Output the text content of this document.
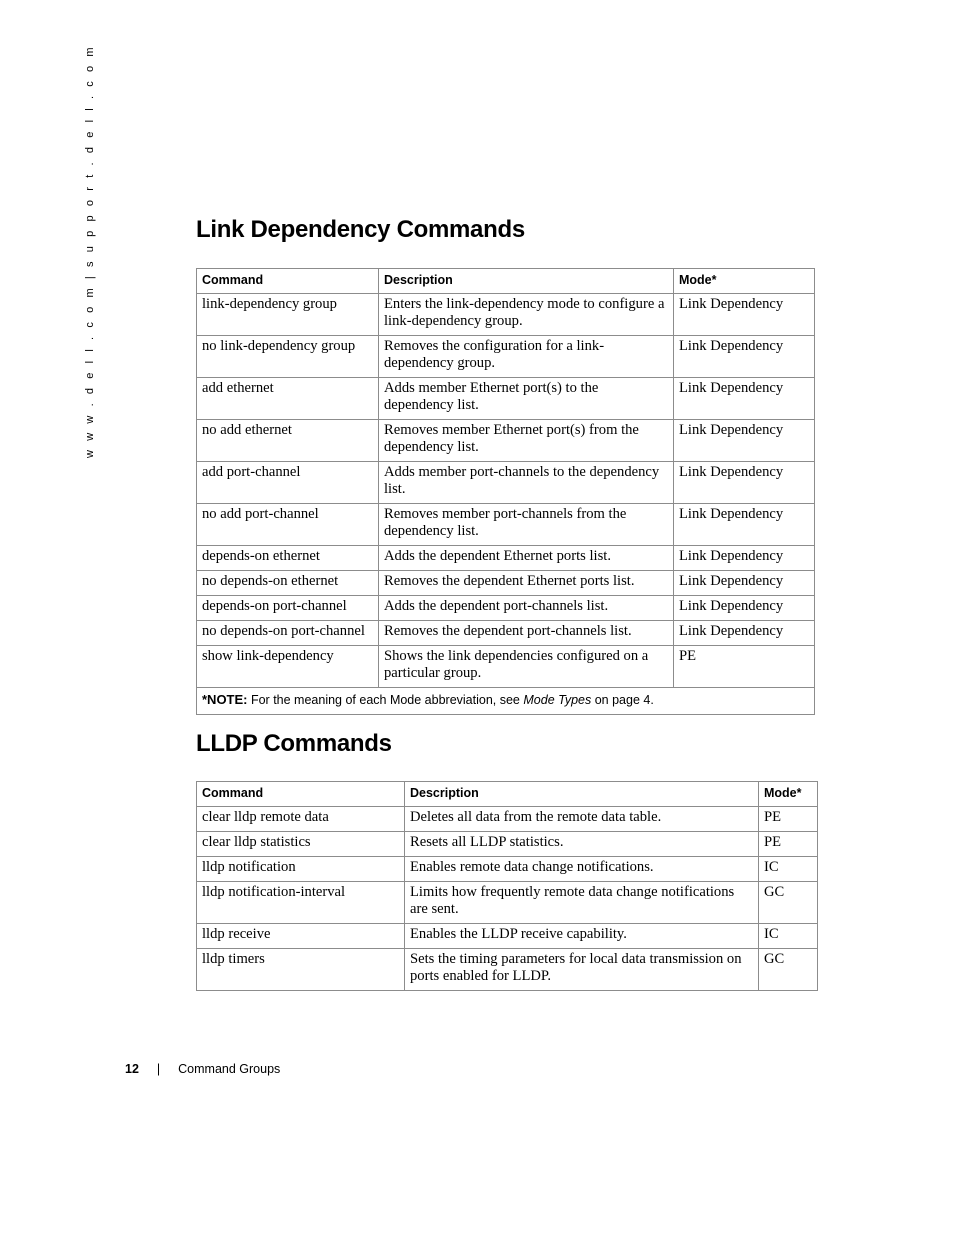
w w w . d e l l . c o m | s u p p o r t . d e l l . c o m	Link Dependency Commands
Command	Description	Mode*
link-dependency group	Enters the link-dependency mode to configure a link-dependency group.	Link Dependency
no link-dependency group	Removes the configuration for a link-dependency group.	Link Dependency
add ethernet	Adds member Ethernet port(s) to the dependency list.	Link Dependency
no add ethernet	Removes member Ethernet port(s) from the dependency list.	Link Dependency
add port-channel	Adds member port-channels to the dependency list.	Link Dependency
no add port-channel	Removes member port-channels from the dependency list.	Link Dependency
depends-on ethernet	Adds the dependent Ethernet ports list.	Link Dependency
no depends-on ethernet	Removes the dependent Ethernet ports list.	Link Dependency
depends-on port-channel	Adds the dependent port-channels list.	Link Dependency
no depends-on port-channel	Removes the dependent port-channels list.	Link Dependency
show link-dependency	Shows the link dependencies configured on a particular group.	PE
*NOTE: For the meaning of each Mode abbreviation, see Mode Types on page 4.		
LLDP Commands
Command	Description	Mode*
clear lldp remote data	Deletes all data from the remote data table.	PE
clear lldp statistics	Resets all LLDP statistics.	PE
lldp notification	Enables remote data change notifications.	IC
lldp notification-interval	Limits how frequently remote data change notifications are sent.	GC
lldp receive	Enables the LLDP receive capability.	IC
lldp timers	Sets the timing parameters for local data transmission on ports enabled for LLDP.	GC
12 | Command Groups
